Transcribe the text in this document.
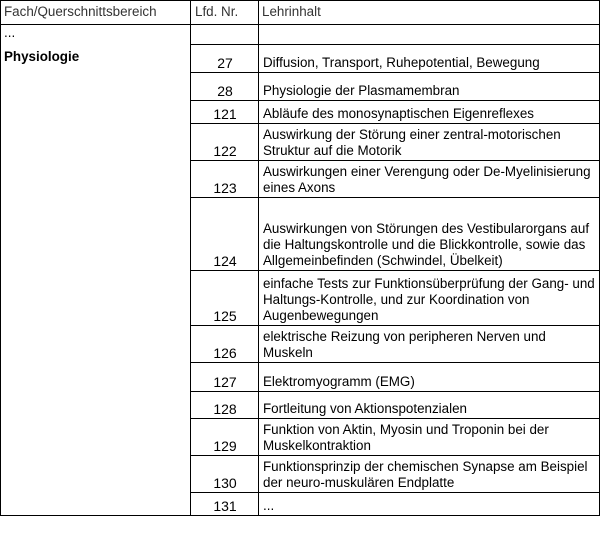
Fach/Querschnittsbereich	Lfd. Nr.	Lehrinhalt
...		
Physiologie	27	Diffusion, Transport, Ruhepotential, Bewegung
	28	Physiologie der Plasmamembran
	121	Abläufe des monosynaptischen Eigenreflexes
	122	Auswirkung der Störung einer zentral-motorischen Struktur auf die Motorik
	123	Auswirkungen einer Verengung oder De-Myelinisierung eines Axons
	124	Auswirkungen von Störungen des Vestibularorgans auf die Haltungskontrolle und die Blickkontrolle, sowie das Allgemeinbefinden (Schwindel, Übelkeit)
	125	einfache Tests zur Funktionsüberprüfung der Gang- und Haltungs-Kontrolle, und zur Koordination von Augenbewegungen
	126	elektrische Reizung von peripheren Nerven und Muskeln
	127	Elektromyogramm (EMG)
	128	Fortleitung von Aktionspotenzialen
	129	Funktion von Aktin, Myosin und Troponin bei der Muskelkontraktion
	130	Funktionsprinzip der chemischen Synapse am Beispiel der neuro-muskulären Endplatte
	131	...
